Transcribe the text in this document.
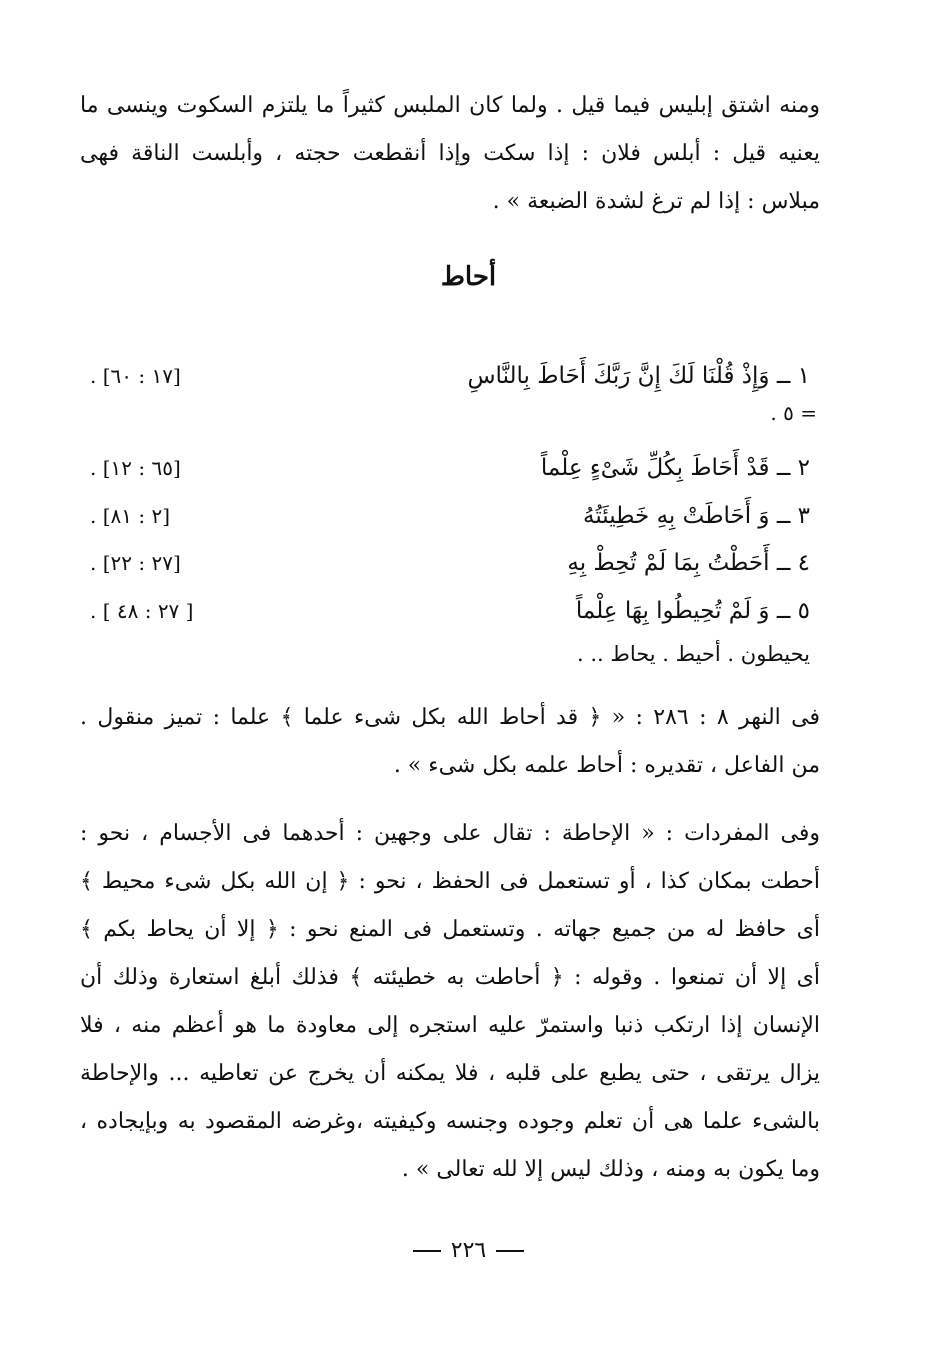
ومنه اشتق إبليس فيما قيل . ولما كان الملبس كثيراً ما يلتزم السكوت وينسى ما
يعنيه قيل : أبلس فلان : إذا سكت وإذا أنقطعت حجته ، وأبلست الناقة فهى
مبلاس : إذا لم ترغ لشدة الضبعة » .
أحاط
١ ــ وَإِذْ قُلْنَا لَكَ إِنَّ رَبَّكَ أَحَاطَ بِالنَّاسِ
[١٧ : ٦٠] .
= ٥ .
٢ ــ قَدْ أَحَاطَ بِكُلِّ شَىْءٍ عِلْماً
[٦٥ : ١٢] .
٣ ــ وَ أَحَاطَتْ بِهِ خَطِيئَتُهُ
[٢ : ٨١] .
٤ ــ أَحَطْتُ بِمَا لَمْ تُحِطْ بِهِ
[٢٧ : ٢٢] .
٥ ــ وَ لَمْ تُحِيطُوا بِهَا عِلْماً
[ ٢٧ : ٤٨ ] .
يحيطون . أحيط . يحاط .. .
فى النهر ٨ : ٢٨٦ : « ﴿ قد أحاط الله بكل شىء علما ﴾ علما : تميز منقول .
من الفاعل ، تقديره : أحاط علمه بكل شىء » .
وفى المفردات : « الإحاطة : تقال على وجهين : أحدهما فى الأجسام ، نحو :
أحطت بمكان كذا ، أو تستعمل فى الحفظ ، نحو : ﴿ إن الله بكل شىء محيط ﴾
أى حافظ له من جميع جهاته . وتستعمل فى المنع نحو : ﴿ إلا أن يحاط بكم ﴾
أى إلا أن تمنعوا . وقوله : ﴿ أحاطت به خطيئته ﴾ فذلك أبلغ استعارة وذلك أن
الإنسان إذا ارتكب ذنبا واستمرّ عليه استجره إلى معاودة ما هو أعظم منه ، فلا
يزال يرتقى ، حتى يطبع على قلبه ، فلا يمكنه أن يخرج عن تعاطيه ... والإحاطة
بالشىء علما هى أن تعلم وجوده وجنسه وكيفيته ،وغرضه المقصود به وبإيجاده ،
وما يكون به ومنه ، وذلك ليس إلا لله تعالى » .
٢٢٦
